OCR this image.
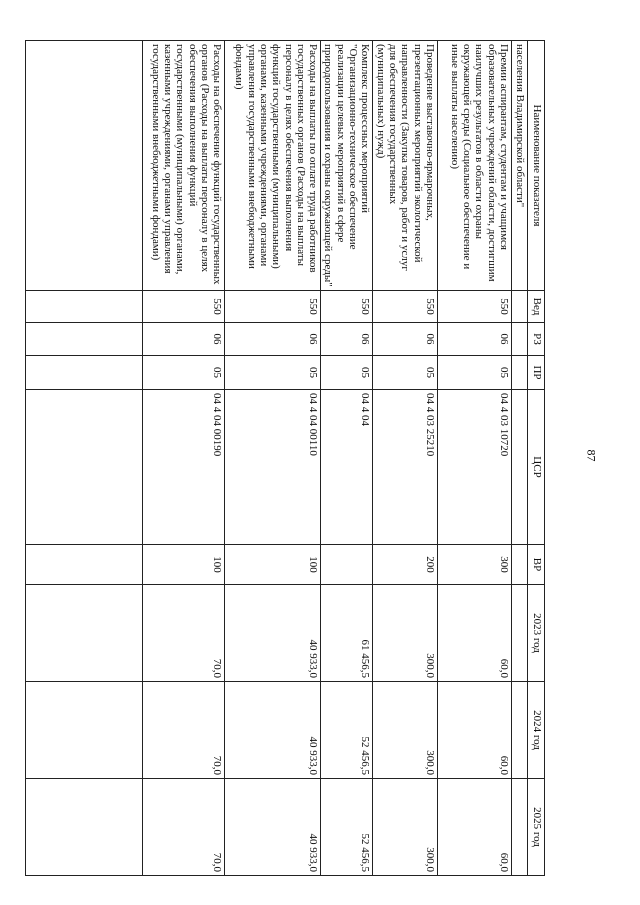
87
Наименование показателя	Вед	РЗ	ПР	ЦСР	ВР	2023 год	2024 год	2025 год
населения Владимирской области"								
Премии аспирантам, студентам и учащимся образовательных учреждений области, достигшим наилучших результатов в области охраны окружающей среды (Социальное обеспечение и иные выплаты населению)	550	06	05	04 4 03 10720	300	60,0	60,0	60,0
Проведение выставочно-ярмарочных, презентационных мероприятий экологической направленности (Закупка товаров, работ и услуг для обеспечения государственных (муниципальных) нужд)	550	06	05	04 4 03 25210	200	300,0	300,0	300,0
Комплекс процессных мероприятий "Организационно-техническое обеспечение реализации целевых мероприятий в сфере природопользования и охраны окружающей среды"	550	06	05	04 4 04		61 456,5	52 456,5	52 456,5
Расходы на выплаты по оплате труда работников государственных органов (Расходы на выплаты персоналу в целях обеспечения выполнения функций государственными (муниципальными) органами, казенными учреждениями, органами управления государственными внебюджетными фондами)	550	06	05	04 4 04 00110	100	40 933,0	40 933,0	40 933,0
Расходы на обеспечение функций государственных органов (Расходы на выплаты персоналу в целях обеспечения выполнения функций государственными (муниципальными) органами, казенными учреждениями, органами управления государственными внебюджетными фондами)	550	06	05	04 4 04 00190	100	70,0	70,0	70,0
